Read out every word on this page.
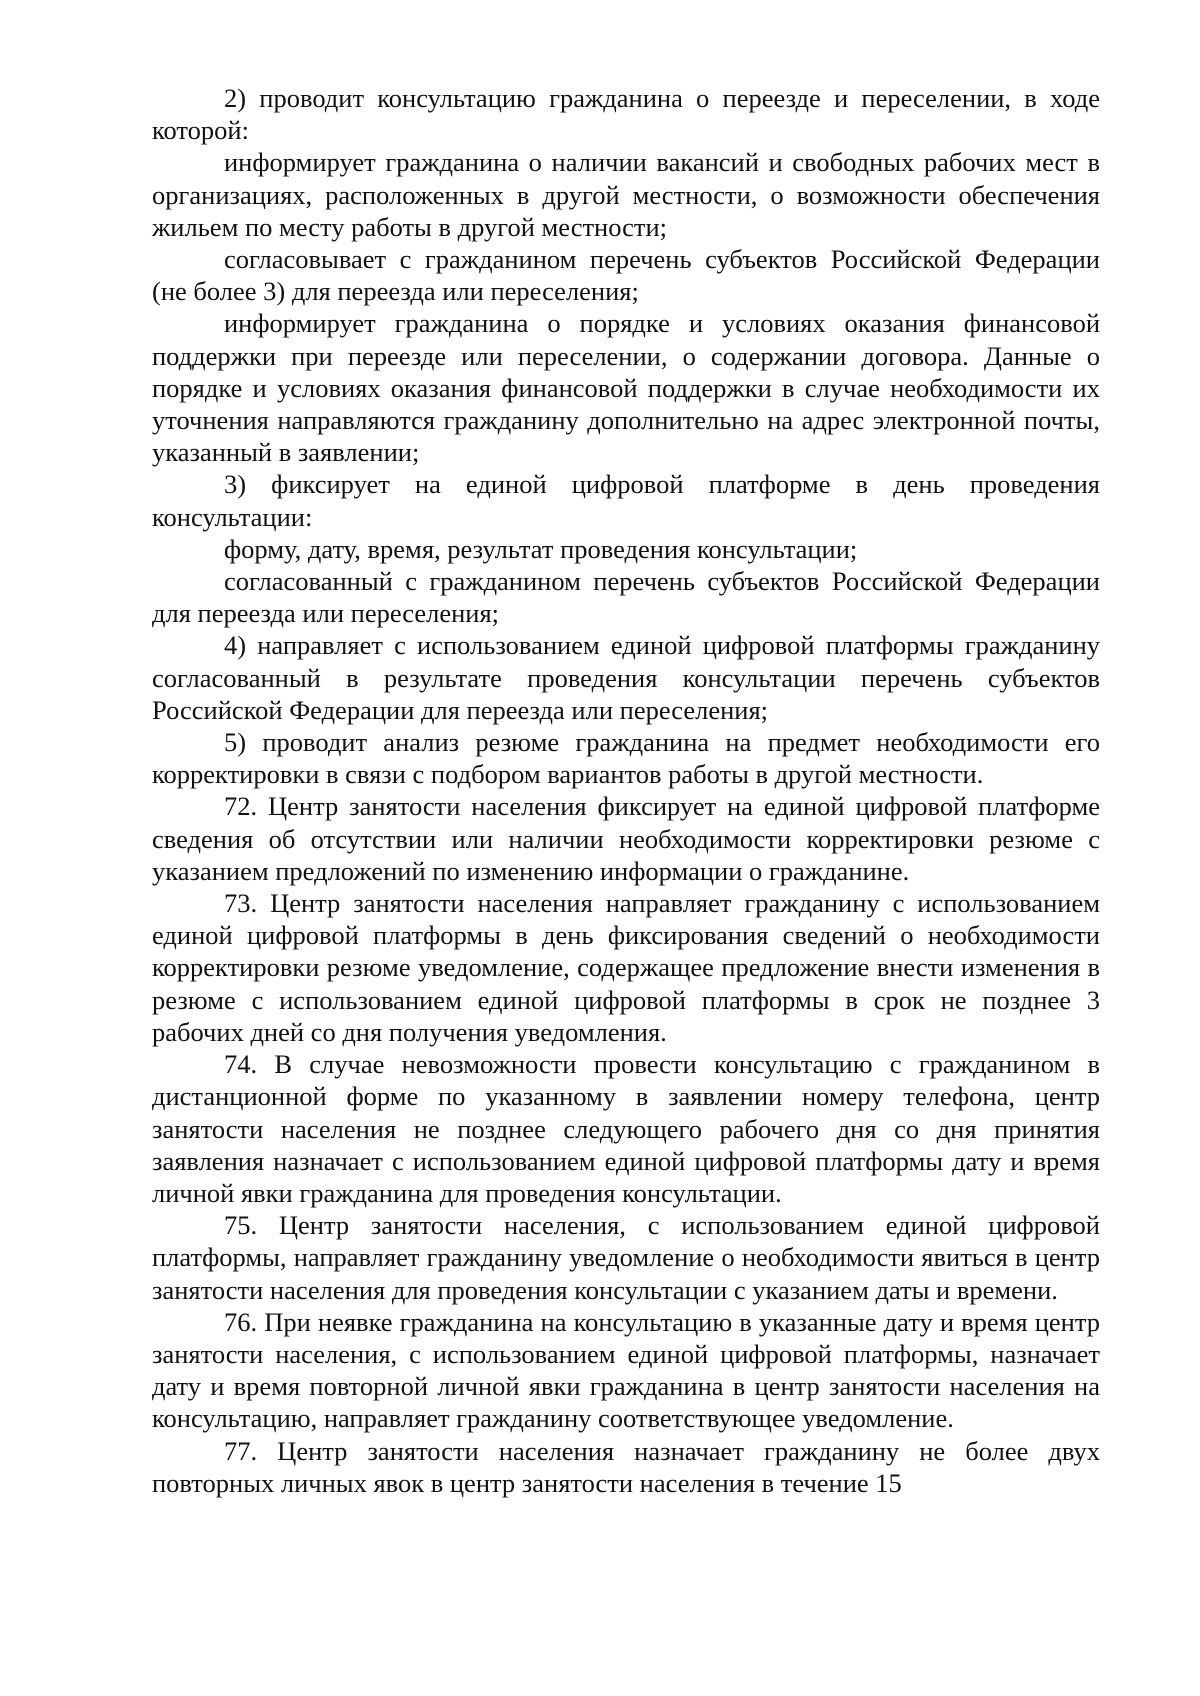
2) проводит консультацию гражданина о переезде и переселении, в ходе которой:

информирует гражданина о наличии вакансий и свободных рабочих мест в организациях, расположенных в другой местности, о возможности обеспечения жильем по месту работы в другой местности;

согласовывает с гражданином перечень субъектов Российской Федерации (не более 3) для переезда или переселения;

информирует гражданина о порядке и условиях оказания финансовой поддержки при переезде или переселении, о содержании договора. Данные о порядке и условиях оказания финансовой поддержки в случае необходимости их уточнения направляются гражданину дополнительно на адрес электронной почты, указанный в заявлении;

3) фиксирует на единой цифровой платформе в день проведения консультации:

форму, дату, время, результат проведения консультации;

согласованный с гражданином перечень субъектов Российской Федерации для переезда или переселения;

4) направляет с использованием единой цифровой платформы гражданину согласованный в результате проведения консультации перечень субъектов Российской Федерации для переезда или переселения;

5) проводит анализ резюме гражданина на предмет необходимости его корректировки в связи с подбором вариантов работы в другой местности.

72. Центр занятости населения фиксирует на единой цифровой платформе сведения об отсутствии или наличии необходимости корректировки резюме с указанием предложений по изменению информации о гражданине.

73. Центр занятости населения направляет гражданину с использованием единой цифровой платформы в день фиксирования сведений о необходимости корректировки резюме уведомление, содержащее предложение внести изменения в резюме с использованием единой цифровой платформы в срок не позднее 3 рабочих дней со дня получения уведомления.

74. В случае невозможности провести консультацию с гражданином в дистанционной форме по указанному в заявлении номеру телефона, центр занятости населения не позднее следующего рабочего дня со дня принятия заявления назначает с использованием единой цифровой платформы дату и время личной явки гражданина для проведения консультации.

75. Центр занятости населения, с использованием единой цифровой платформы, направляет гражданину уведомление о необходимости явиться в центр занятости населения для проведения консультации с указанием даты и времени.

76. При неявке гражданина на консультацию в указанные дату и время центр занятости населения, с использованием единой цифровой платформы, назначает дату и время повторной личной явки гражданина в центр занятости населения на консультацию, направляет гражданину соответствующее уведомление.

77. Центр занятости населения назначает гражданину не более двух повторных личных явок в центр занятости населения в течение 15
